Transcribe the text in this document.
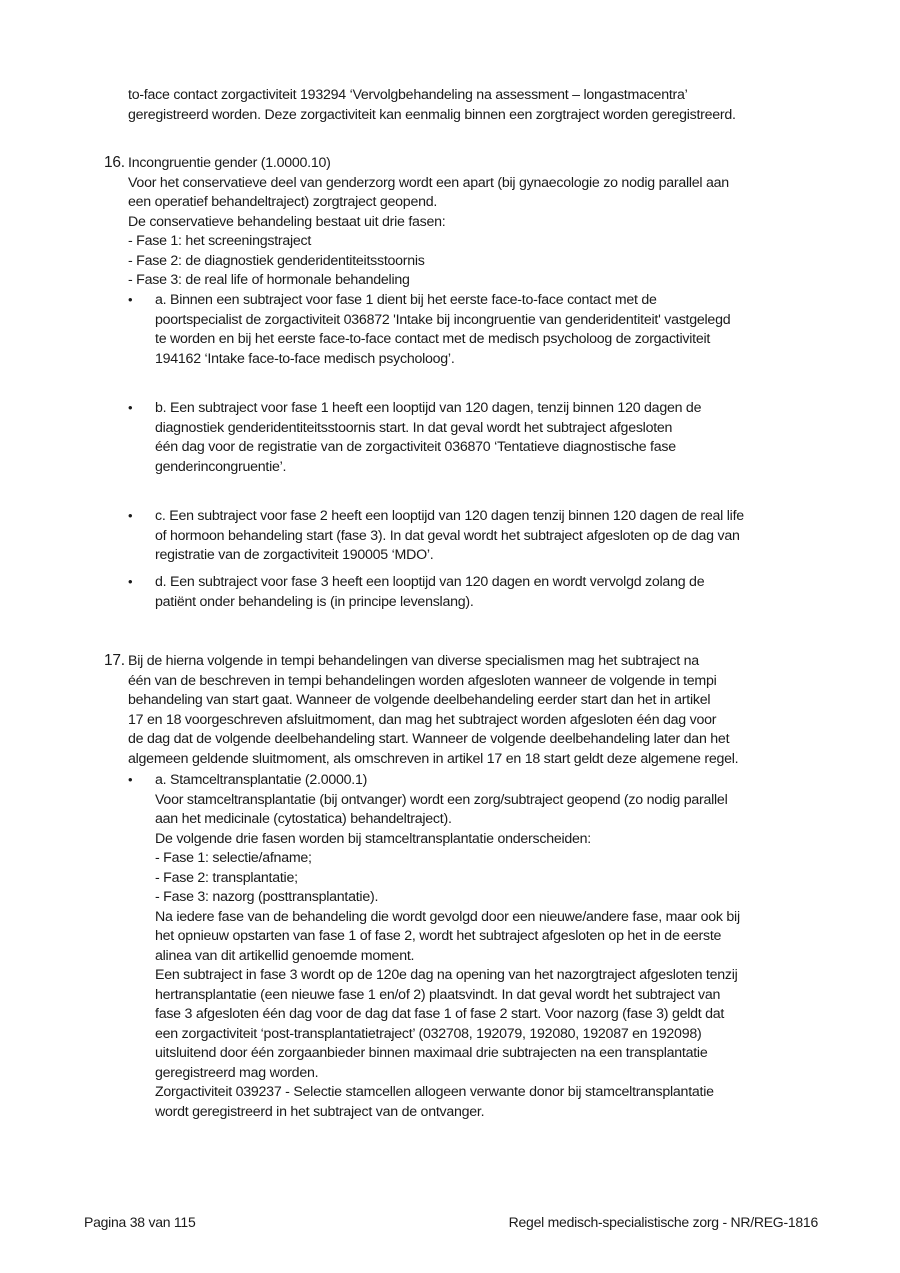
to-face contact zorgactiviteit 193294 ‘Vervolgbehandeling na assessment – longastmacentra’
geregistreerd worden. Deze zorgactiviteit kan eenmalig binnen een zorgtraject worden geregistreerd.
16. Incongruentie gender (1.0000.10)
Voor het conservatieve deel van genderzorg wordt een apart (bij gynaecologie zo nodig parallel aan
een operatief behandeltraject) zorgtraject geopend.
De conservatieve behandeling bestaat uit drie fasen:
- Fase 1: het screeningstraject
- Fase 2: de diagnostiek genderidentiteitsstoornis
- Fase 3: de real life of hormonale behandeling
• a. Binnen een subtraject voor fase 1 dient bij het eerste face-to-face contact met de
poortspecialist de zorgactiviteit 036872 'Intake bij incongruentie van genderidentiteit' vastgelegd
te worden en bij het eerste face-to-face contact met de medisch psycholoog de zorgactiviteit
194162 ‘Intake face-to-face medisch psycholoog’.
• b. Een subtraject voor fase 1 heeft een looptijd van 120 dagen, tenzij binnen 120 dagen de
diagnostiek genderidentiteitsstoornis start. In dat geval wordt het subtraject afgesloten
één dag voor de registratie van de zorgactiviteit 036870 ‘Tentatieve diagnostische fase
genderincongruentie’.
• c. Een subtraject voor fase 2 heeft een looptijd van 120 dagen tenzij binnen 120 dagen de real life
of hormoon behandeling start (fase 3). In dat geval wordt het subtraject afgesloten op de dag van
registratie van de zorgactiviteit 190005 ‘MDO’.
• d. Een subtraject voor fase 3 heeft een looptijd van 120 dagen en wordt vervolgd zolang de
patiënt onder behandeling is (in principe levenslang).
17. Bij de hierna volgende in tempi behandelingen van diverse specialismen mag het subtraject na
één van de beschreven in tempi behandelingen worden afgesloten wanneer de volgende in tempi
behandeling van start gaat. Wanneer de volgende deelbehandeling eerder start dan het in artikel
17 en 18 voorgeschreven afsluitmoment, dan mag het subtraject worden afgesloten één dag voor
de dag dat de volgende deelbehandeling start. Wanneer de volgende deelbehandeling later dan het
algemeen geldende sluitmoment, als omschreven in artikel 17 en 18 start geldt deze algemene regel.
• a. Stamceltransplantatie (2.0000.1)
Voor stamceltransplantatie (bij ontvanger) wordt een zorg/subtraject geopend (zo nodig parallel
aan het medicinale (cytostatica) behandeltraject).
De volgende drie fasen worden bij stamceltransplantatie onderscheiden:
- Fase 1: selectie/afname;
- Fase 2: transplantatie;
- Fase 3: nazorg (posttransplantatie).
Na iedere fase van de behandeling die wordt gevolgd door een nieuwe/andere fase, maar ook bij
het opnieuw opstarten van fase 1 of fase 2, wordt het subtraject afgesloten op het in de eerste
alinea van dit artikellid genoemde moment.
Een subtraject in fase 3 wordt op de 120e dag na opening van het nazorgtraject afgesloten tenzij
hertransplantatie (een nieuwe fase 1 en/of 2) plaatsvindt. In dat geval wordt het subtraject van
fase 3 afgesloten één dag voor de dag dat fase 1 of fase 2 start. Voor nazorg (fase 3) geldt dat
een zorgactiviteit ‘post-transplantatietraject’ (032708, 192079, 192080, 192087 en 192098)
uitsluitend door één zorgaanbieder binnen maximaal drie subtrajecten na een transplantatie
geregistreerd mag worden.
Zorgactiviteit 039237 - Selectie stamcellen allogeen verwante donor bij stamceltransplantatie
wordt geregistreerd in het subtraject van de ontvanger.
Pagina 38 van 115	Regel medisch-specialistische zorg - NR/REG-1816
